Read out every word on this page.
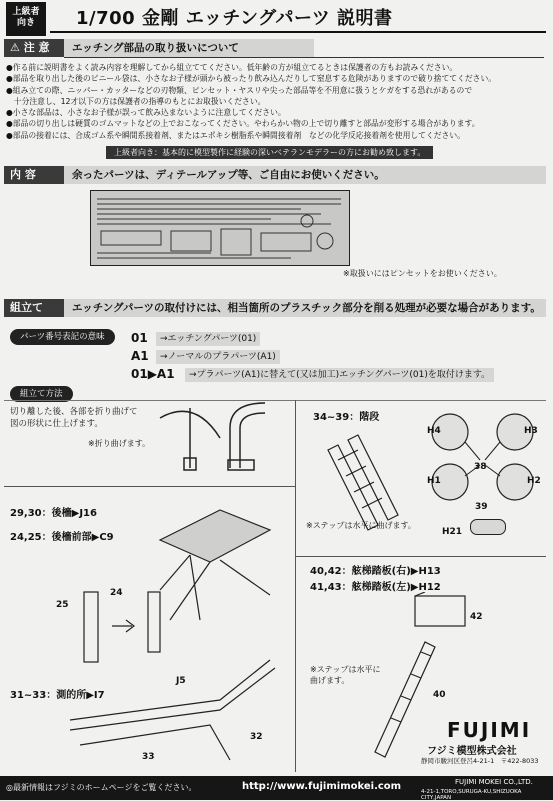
上級者
向き	1/700 金剛 エッチングパーツ 説明書
⚠ 注 意	エッチング部品の取り扱いについて
●作る前に説明書をよく読み内容を理解してから組立ててください。低年齢の方が組立てるときは保護者の方もお読みください。
●部品を取り出した後のビニール袋は、小さなお子様が頭から被ったり飲み込んだりして窒息する危険がありますので破り捨ててください。
●組み立ての際、ニッパー・カッターなどの刃物類、ピンセット・ヤスリや尖った部品等を不用意に扱うとケガをする恐れがあるので
　十分注意し、12才以下の方は保護者の指導のもとにお取扱いください。
●小さな部品は、小さなお子様が誤って飲み込まないように注意してください。
●部品の切り出しは硬質のゴムマットなどの上でおこなってください。やわらかい物の上で切り離すと部品が変形する場合があります。
●部品の接着には、合成ゴム系や瞬間系接着剤、またはエポキシ樹脂系や瞬間接着剤　などの化学反応接着剤を使用してください。
上級者向き：基本的に模型製作に経験の深いベテランモデラーの方にお勧め致します。
内 容	余ったパーツは、ディテールアップ等、ご自由にお使いください。
※取扱いにはピンセットをお使いください。
組立て	エッチングパーツの取付けには、相当箇所のプラスチック部分を削る処理が必要な場合があります。
パーツ番号表記の意味	01	→エッチングパーツ(01)
A1	→ノーマルのプラパーツ(A1)
01▶A1	→プラパーツ(A1)に替えて(又は加工)エッチングパーツ(01)を取付けます。
組立て方法
切り離した後、各部を折り曲げて
図の形状に仕上げます。
※折り曲げます。
34~39：階段
※ステップは水平に曲げます。
H4	H3
H1	H2
38
39
H21
29,30：後檣▶J16
24,25：後檣前部▶C9
25
24
J5
31~33：測的所▶I7
33
32
40,42：舷梯踏板(右)▶H13
41,43：舷梯踏板(左)▶H12
42
40
※ステップは水平に
曲げます。
FUJIMI
フジミ模型株式会社
静岡市駿河区登呂4-21-1　〒422-8033
◎最新情報はフジミのホームページをご覧ください。	http://www.fujimimokei.com	FUJIMI MOKEI CO.,LTD.
4-21-1,TORO,SURUGA-KU,SHIZUOKA CITY,JAPAN
